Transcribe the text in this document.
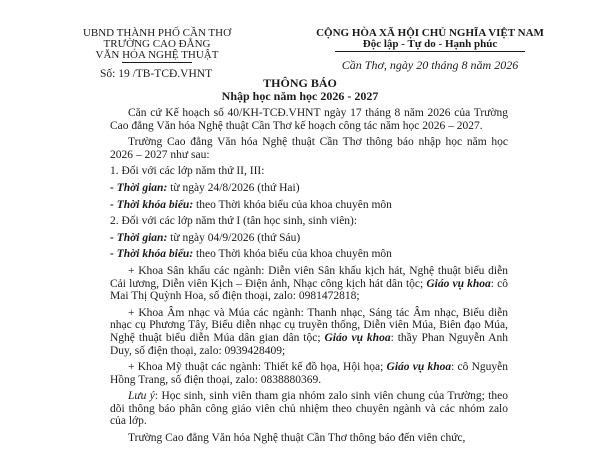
UBND THÀNH PHỐ CẦN THƠ
TRƯỜNG CAO ĐẲNG
VĂN HÓA NGHỆ THUẬT
Số: 19 /TB-TCĐ.VHNT
CỘNG HÒA XÃ HỘI CHỦ NGHĨA VIỆT NAM
Độc lập - Tự do - Hạnh phúc
Cần Thơ, ngày 20 tháng 8 năm 2026
THÔNG BÁO
Nhập học năm học 2026 - 2027

Căn cứ Kế hoạch số 40/KH-TCĐ.VHNT ngày 17 tháng 8 năm 2026 của Trường Cao đẳng Văn hóa Nghệ thuật Cần Thơ kế hoạch công tác năm học 2026 – 2027.

Trường Cao đẳng Văn hóa Nghệ thuật Cần Thơ thông báo nhập học năm học 2026 – 2027 như sau:

1. Đối với các lớp năm thứ II, III:

- Thời gian: từ ngày 24/8/2026 (thứ Hai)

- Thời khóa biểu: theo Thời khóa biểu của khoa chuyên môn

2. Đối với các lớp năm thứ I (tân học sinh, sinh viên):

- Thời gian: từ ngày 04/9/2026 (thứ Sáu)

- Thời khóa biểu: theo Thời khóa biểu của khoa chuyên môn

+ Khoa Sân khấu các ngành: Diễn viên Sân khấu kịch hát, Nghệ thuật biểu diễn Cải lương, Diễn viên Kịch – Điện ảnh, Nhạc công kịch hát dân tộc; Giáo vụ khoa: cô Mai Thị Quỳnh Hoa, số điện thoại, zalo: 0981472818;

+ Khoa Âm nhạc và Múa các ngành: Thanh nhạc, Sáng tác Âm nhạc, Biểu diễn nhạc cụ Phương Tây, Biểu diễn nhạc cụ truyền thống, Diễn viên Múa, Biên đạo Múa, Nghệ thuật biểu diễn Múa dân gian dân tộc; Giáo vụ khoa: thầy Phan Nguyễn Anh Duy, số điện thoại, zalo: 0939428409;

+ Khoa Mỹ thuật các ngành: Thiết kế đồ họa, Hội họa; Giáo vụ khoa: cô Nguyễn Hồng Trang, số điện thoại, zalo: 0838880369.

Lưu ý: Học sinh, sinh viên tham gia nhóm zalo sinh viên chung của Trường; theo dõi thông báo phân công giáo viên chủ nhiệm theo chuyên ngành và các nhóm zalo của lớp.

Trường Cao đẳng Văn hóa Nghệ thuật Cần Thơ thông báo đến viên chức,
